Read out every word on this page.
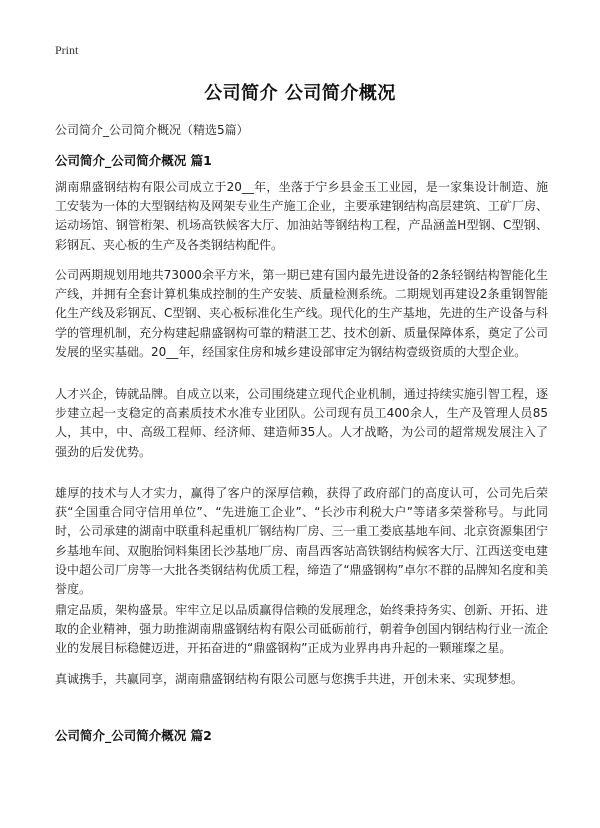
Print
公司简介 公司简介概况
公司简介_公司简介概况（精选5篇）
公司简介_公司简介概况 篇1

湖南鼎盛钢结构有限公司成立于20__年，坐落于宁乡县金玉工业园，是一家集设计制造、施工安装为一体的大型钢结构及网架专业生产施工企业，主要承建钢结构高层建筑、工矿厂房、运动场馆、钢管桁架、机场高铁候客大厅、加油站等钢结构工程，产品涵盖H型钢、C型钢、彩钢瓦、夹心板的生产及各类钢结构配件。

公司两期规划用地共73000余平方米，第一期已建有国内最先进设备的2条轻钢结构智能化生产线，并拥有全套计算机集成控制的生产安装、质量检测系统。二期规划再建设2条重钢智能化生产线及彩钢瓦、C型钢、夹心板标准化生产线。现代化的生产基地，先进的生产设备与科学的管理机制，充分构建起鼎盛钢构可靠的精湛工艺、技术创新、质量保障体系，奠定了公司发展的坚实基础。20__年，经国家住房和城乡建设部审定为钢结构壹级资质的大型企业。

人才兴企，铸就品牌。自成立以来，公司围绕建立现代企业机制，通过持续实施引智工程，逐步建立起一支稳定的高素质技术水准专业团队。公司现有员工400余人，生产及管理人员85人，其中，中、高级工程师、经济师、建造师35人。人才战略，为公司的超常规发展注入了强劲的后发优势。

雄厚的技术与人才实力，赢得了客户的深厚信赖，获得了政府部门的高度认可，公司先后荣获“全国重合同守信用单位”、“先进施工企业”、“长沙市利税大户”等诸多荣誉称号。与此同时，公司承建的湖南中联重科起重机厂钢结构厂房、三一重工娄底基地车间、北京资源集团宁乡基地车间、双胞胎饲料集团长沙基地厂房、南昌西客站高铁钢结构候客大厅、江西送变电建设中超公司厂房等一大批各类钢结构优质工程，缔造了“鼎盛钢构”卓尔不群的品牌知名度和美誉度。

鼎定品质，架构盛景。牢牢立足以品质赢得信赖的发展理念，始终秉持务实、创新、开拓、进取的企业精神，强力助推湖南鼎盛钢结构有限公司砥砺前行，朝着争创国内钢结构行业一流企业的发展目标稳健迈进，开拓奋进的“鼎盛钢构”正成为业界冉冉升起的一颗璀璨之星。

真诚携手，共赢同享，湖南鼎盛钢结构有限公司愿与您携手共进，开创未来、实现梦想。

公司简介_公司简介概况 篇2
